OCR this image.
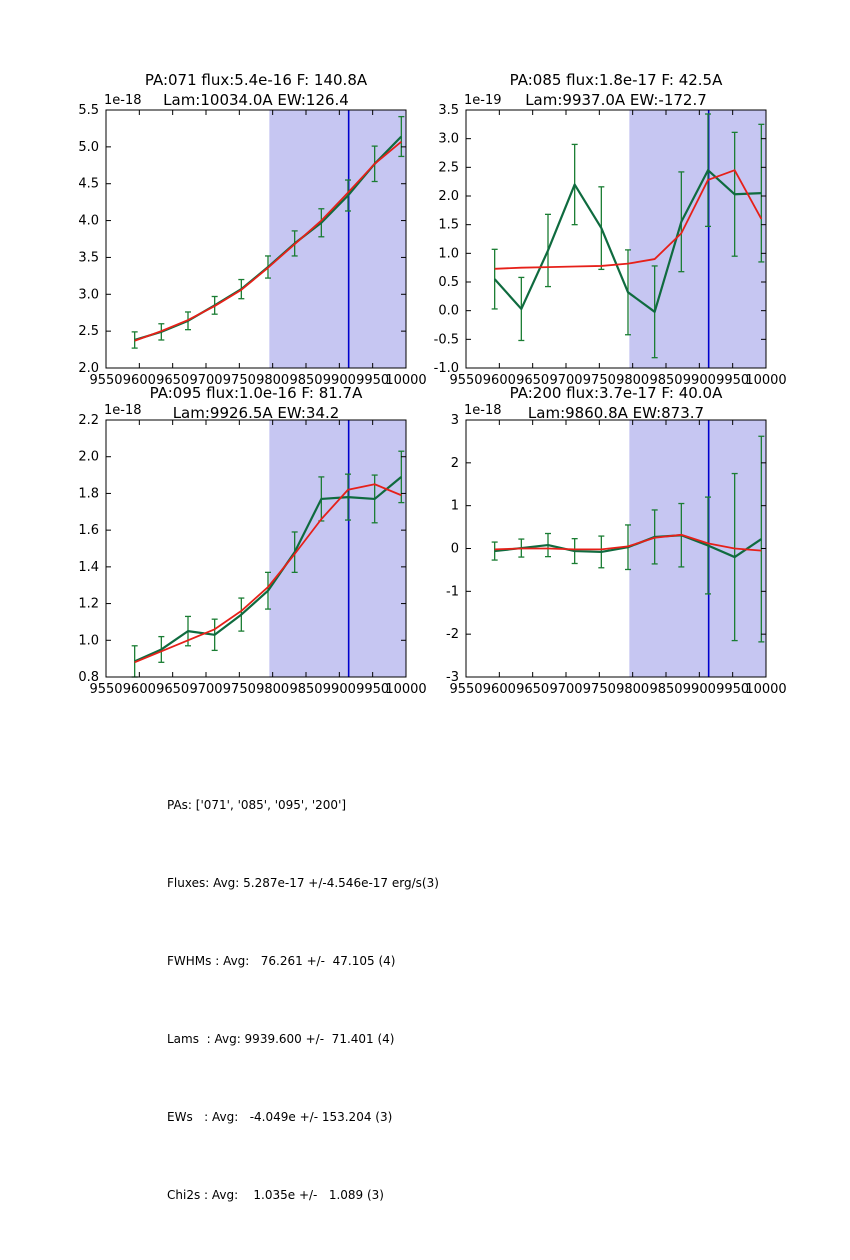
9550 9600 9650 9700 9750 9800 9850 9900 9950
10000
2.0
2.5
3.0
3.5
4.0
4.5
5.0
5.5
9550 9600 9650 9700 9750 9800 9850 9900 9950
10000
-1.0
-0.5
0.0
0.5
1.0
1.5
2.0
2.5
3.0
3.5
9550 9600 9650 9700 9750 9800 9850 9900 9950
10000
0.8
1.0
1.2
1.4
1.6
1.8
2.0
2.2
9550 9600 9650 9700 9750 9800 9850 9900 9950
10000
-3
-2
-1
0
1
2
3
PA:071 flux:5.4e-16 F: 140.8A
Lam:10034.0A EW:126.4
PA:085 flux:1.8e-17 F: 42.5A
Lam:9937.0A EW:-172.7
PA:095 flux:1.0e-16 F: 81.7A
Lam:9926.5A EW:34.2
PA:200 flux:3.7e-17 F: 40.0A
Lam:9860.8A EW:873.7
1e-18	1e-19
1e-18	1e-18

PAs: ['071', '085', '095', '200']

Fluxes: Avg: 5.287e-17 +/-4.546e-17 erg/s(3)

FWHMs : Avg:   76.261 +/-  47.105 (4)

Lams  : Avg: 9939.600 +/-  71.401 (4)

EWs   : Avg:   -4.049e +/- 153.204 (3)

Chi2s : Avg:    1.035e +/-   1.089 (3)
